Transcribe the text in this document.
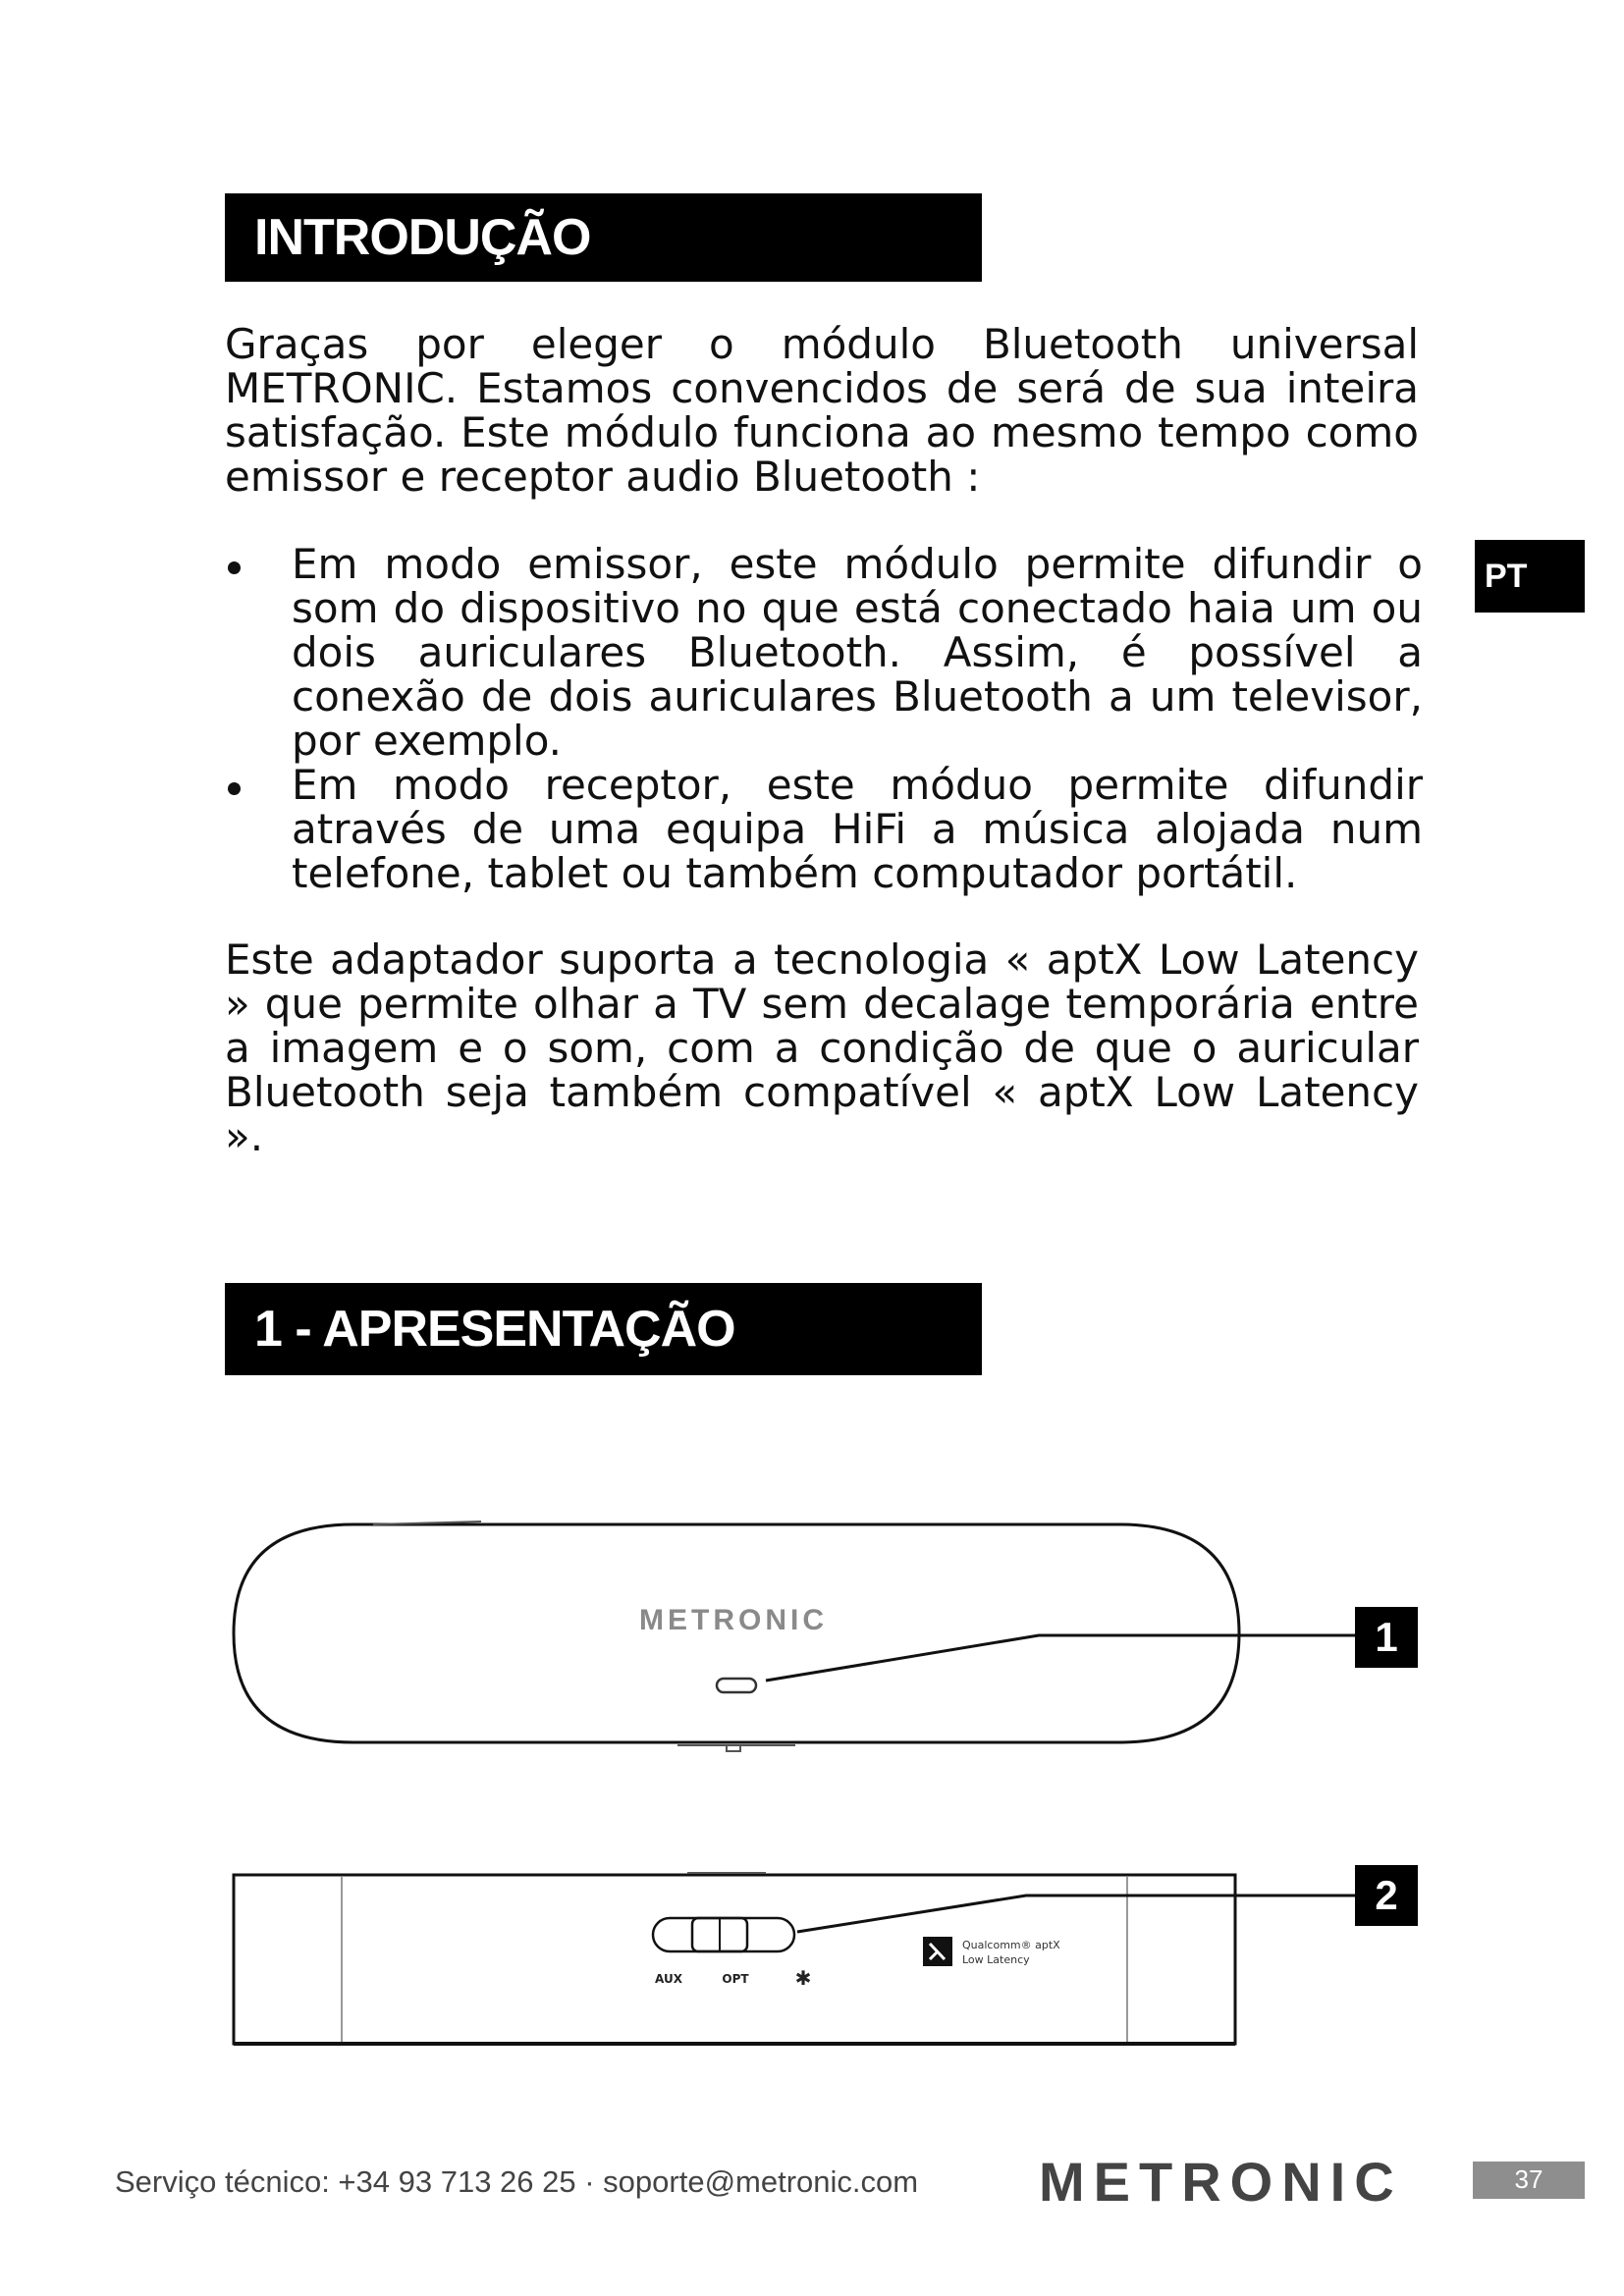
INTRODUÇÃO

Graças por eleger o módulo Bluetooth universal METRONIC. Estamos convencidos de será de sua inteira satisfação. Este módulo funciona ao mesmo tempo como emissor e receptor audio Bluetooth :

Em modo emissor, este módulo permite difundir o som do dispositivo no que está conectado haia um ou dois auriculares Bluetooth. Assim, é possível a conexão de dois auriculares Bluetooth a um televisor, por exemplo.
Em modo receptor, este móduo permite difundir através de uma equipa HiFi a música alojada num telefone, tablet ou também computador portátil.

Este adaptador suporta a tecnologia « aptX Low Latency » que permite olhar a TV sem decalage temporária entre a imagem e o som, com a condição de que o auricular Bluetooth seja também compatível « aptX Low Latency ».

PT
1 - APRESENTAÇÃO
METRONIC
AUX	OPT ✱
Qualcomm® aptX
Low Latency
1
2
Serviço técnico: +34 93 713 26 25 · soporte@metronic.com METRONIC	37
